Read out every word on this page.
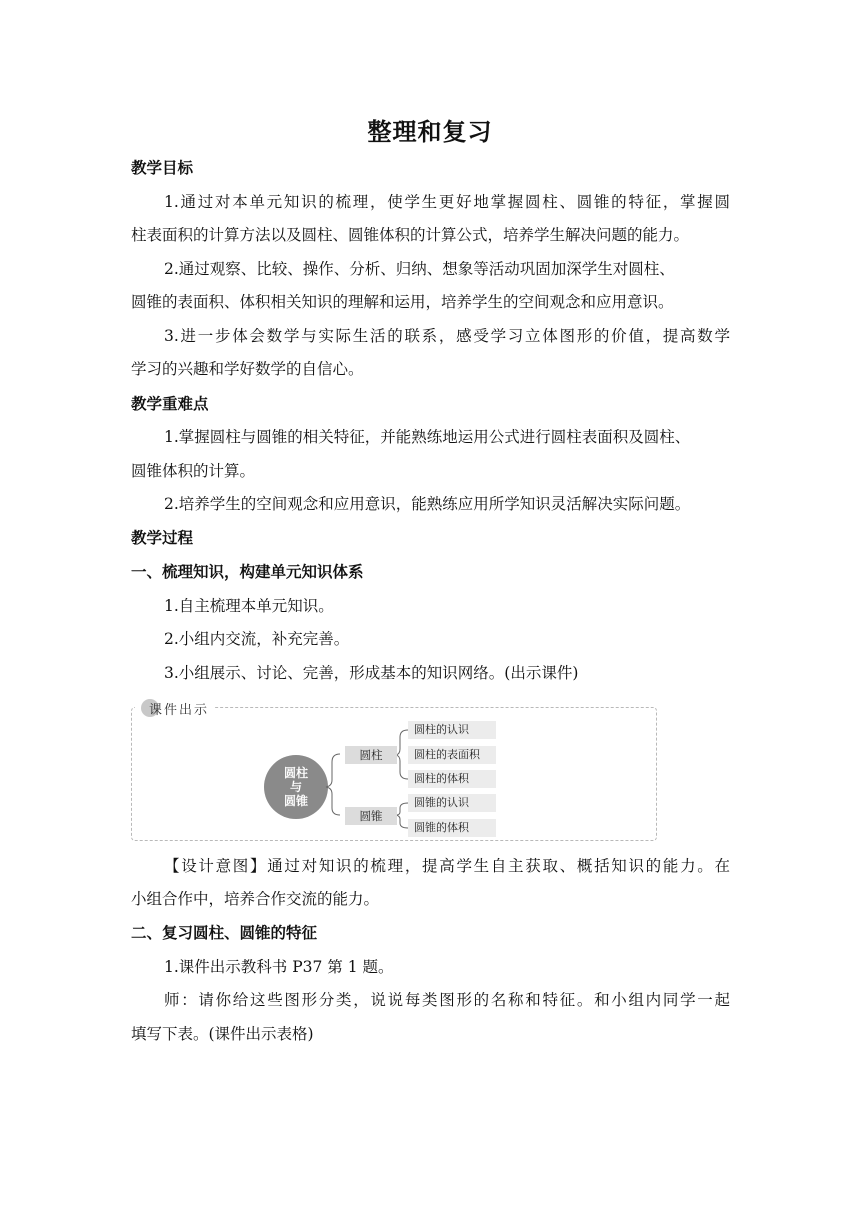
整理和复习
教学目标
1.通过对本单元知识的梳理，使学生更好地掌握圆柱、圆锥的特征，掌握圆
柱表面积的计算方法以及圆柱、圆锥体积的计算公式，培养学生解决问题的能力。
2.通过观察、比较、操作、分析、归纳、想象等活动巩固加深学生对圆柱、
圆锥的表面积、体积相关知识的理解和运用，培养学生的空间观念和应用意识。
3.进一步体会数学与实际生活的联系，感受学习立体图形的价值，提高数学
学习的兴趣和学好数学的自信心。
教学重难点
1.掌握圆柱与圆锥的相关特征，并能熟练地运用公式进行圆柱表面积及圆柱、
圆锥体积的计算。
2.培养学生的空间观念和应用意识，能熟练应用所学知识灵活解决实际问题。
教学过程
一、梳理知识，构建单元知识体系
1.自主梳理本单元知识。
2.小组内交流，补充完善。
3.小组展示、讨论、完善，形成基本的知识网络。(出示课件)
课件出示
圆柱
与
圆锥
圆柱
圆锥
圆柱的认识
圆柱的表面积
圆柱的体积
圆锥的认识
圆锥的体积
【设计意图】通过对知识的梳理，提高学生自主获取、概括知识的能力。在
小组合作中，培养合作交流的能力。
二、复习圆柱、圆锥的特征
1.课件出示教科书 P37 第 1 题。
师：请你给这些图形分类，说说每类图形的名称和特征。和小组内同学一起
填写下表。(课件出示表格)
